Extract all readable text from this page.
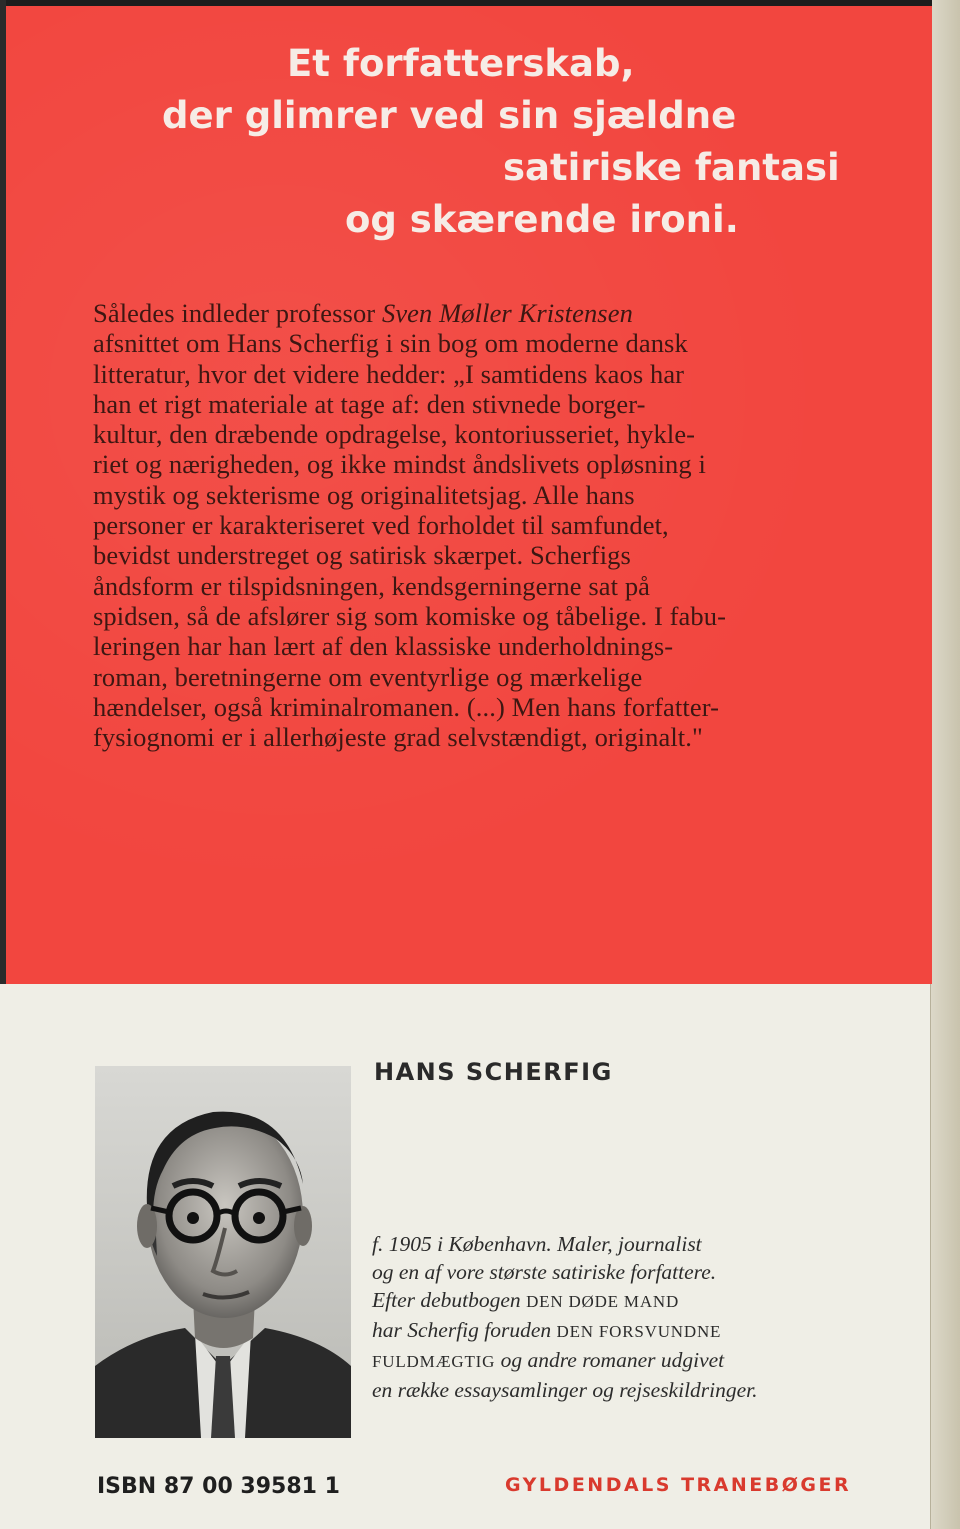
Et forfatterskab,
der glimrer ved sin sjældne
satiriske fantasi
og skærende ironi.
Således indleder professor Sven Møller Kristensen
afsnittet om Hans Scherfig i sin bog om moderne dansk
litteratur, hvor det videre hedder: „I samtidens kaos har
han et rigt materiale at tage af: den stivnede borger-
kultur, den dræbende opdragelse, kontoriusseriet, hykle-
riet og nærigheden, og ikke mindst åndslivets opløsning i
mystik og sekterisme og originalitetsjag. Alle hans
personer er karakteriseret ved forholdet til samfundet,
bevidst understreget og satirisk skærpet. Scherfigs
åndsform er tilspidsningen, kendsgerningerne sat på
spidsen, så de afslører sig som komiske og tåbelige. I fabu-
leringen har han lært af den klassiske underholdnings-
roman, beretningerne om eventyrlige og mærkelige
hændelser, også kriminalromanen. (...) Men hans forfatter-
fysiognomi er i allerhøjeste grad selvstændigt, originalt."
HANS SCHERFIG
f. 1905 i København. Maler, journalist
og en af vore største satiriske forfattere.
Efter debutbogen DEN DØDE MAND
har Scherfig foruden DEN FORSVUNDNE
FULDMÆGTIG og andre romaner udgivet
en række essaysamlinger og rejseskildringer.
ISBN 87 00 39581 1	GYLDENDALS TRANEBØGER
